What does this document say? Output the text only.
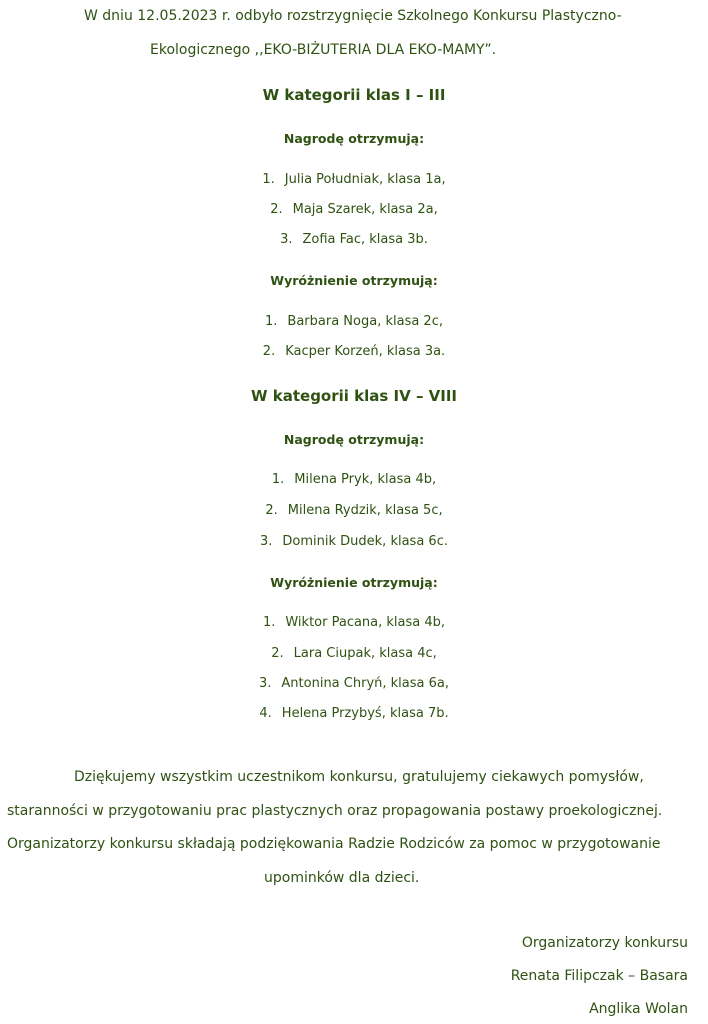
W dniu 12.05.2023 r. odbyło rozstrzygnięcie Szkolnego Konkursu Plastyczno-
Ekologicznego ,,EKO-BIŻUTERIA DLA EKO-MAMY”.
W kategorii klas I – III
Nagrodę otrzymują:
1. Julia Południak, klasa 1a,
2. Maja Szarek, klasa 2a,
3. Zofia Fac, klasa 3b.
Wyróżnienie otrzymują:
1. Barbara Noga, klasa 2c,
2. Kacper Korzeń, klasa 3a.
W kategorii klas IV – VIII
Nagrodę otrzymują:
1. Milena Pryk, klasa 4b,
2. Milena Rydzik, klasa 5c,
3. Dominik Dudek, klasa 6c.
Wyróżnienie otrzymują:
1. Wiktor Pacana, klasa 4b,
2. Lara Ciupak, klasa 4c,
3. Antonina Chryń, klasa 6a,
4. Helena Przybyś, klasa 7b.
Dziękujemy wszystkim uczestnikom konkursu, gratulujemy ciekawych pomysłów,
staranności w przygotowaniu prac plastycznych oraz propagowania postawy proekologicznej.
Organizatorzy konkursu składają podziękowania Radzie Rodziców za pomoc w przygotowanie
upominków dla dzieci.
Organizatorzy konkursu
Renata Filipczak – Basara
Anglika Wolan
